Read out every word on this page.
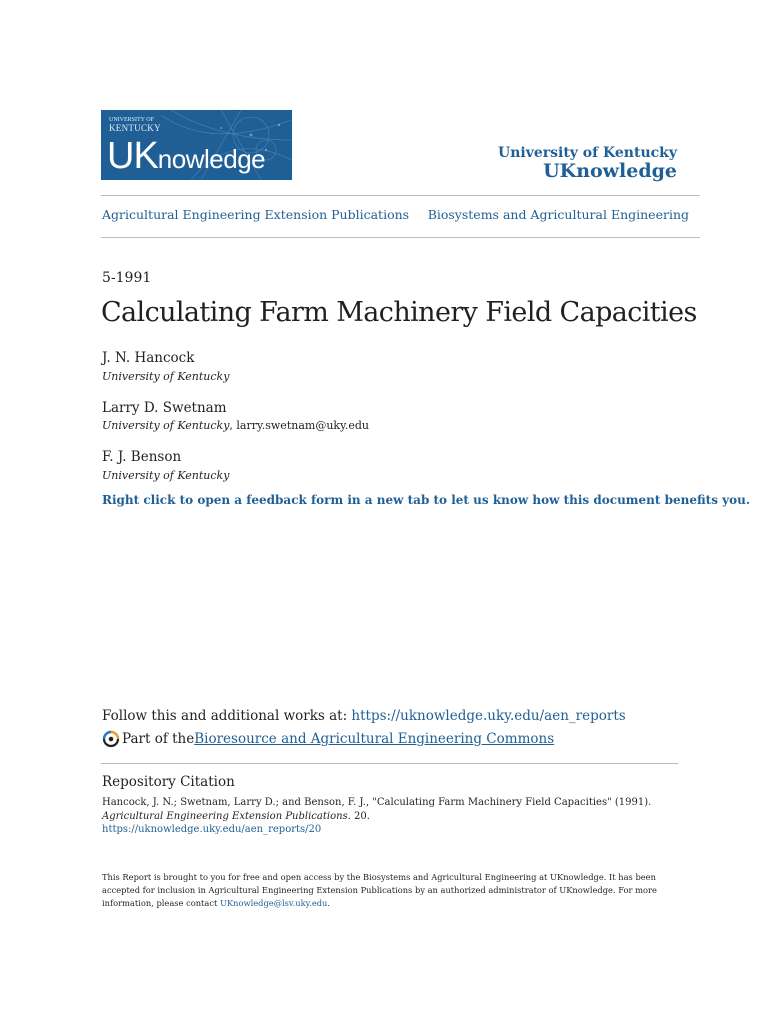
UNIVERSITY OF
KENTUCKY
UKnowledge	University of Kentucky
UKnowledge
Agricultural Engineering Extension Publications Biosystems and Agricultural Engineering
5-1991
Calculating Farm Machinery Field Capacities
J. N. Hancock
University of Kentucky
Larry D. Swetnam
University of Kentucky, larry.swetnam@uky.edu
F. J. Benson
University of Kentucky
Right click to open a feedback form in a new tab to let us know how this document benefits you.
Follow this and additional works at: https://uknowledge.uky.edu/aen_reports
Part of the Bioresource and Agricultural Engineering Commons
Repository Citation
Hancock, J. N.; Swetnam, Larry D.; and Benson, F. J., "Calculating Farm Machinery Field Capacities" (1991). Agricultural Engineering Extension Publications. 20.
https://uknowledge.uky.edu/aen_reports/20
This Report is brought to you for free and open access by the Biosystems and Agricultural Engineering at UKnowledge. It has been accepted for inclusion in Agricultural Engineering Extension Publications by an authorized administrator of UKnowledge. For more information, please contact UKnowledge@lsv.uky.edu.
